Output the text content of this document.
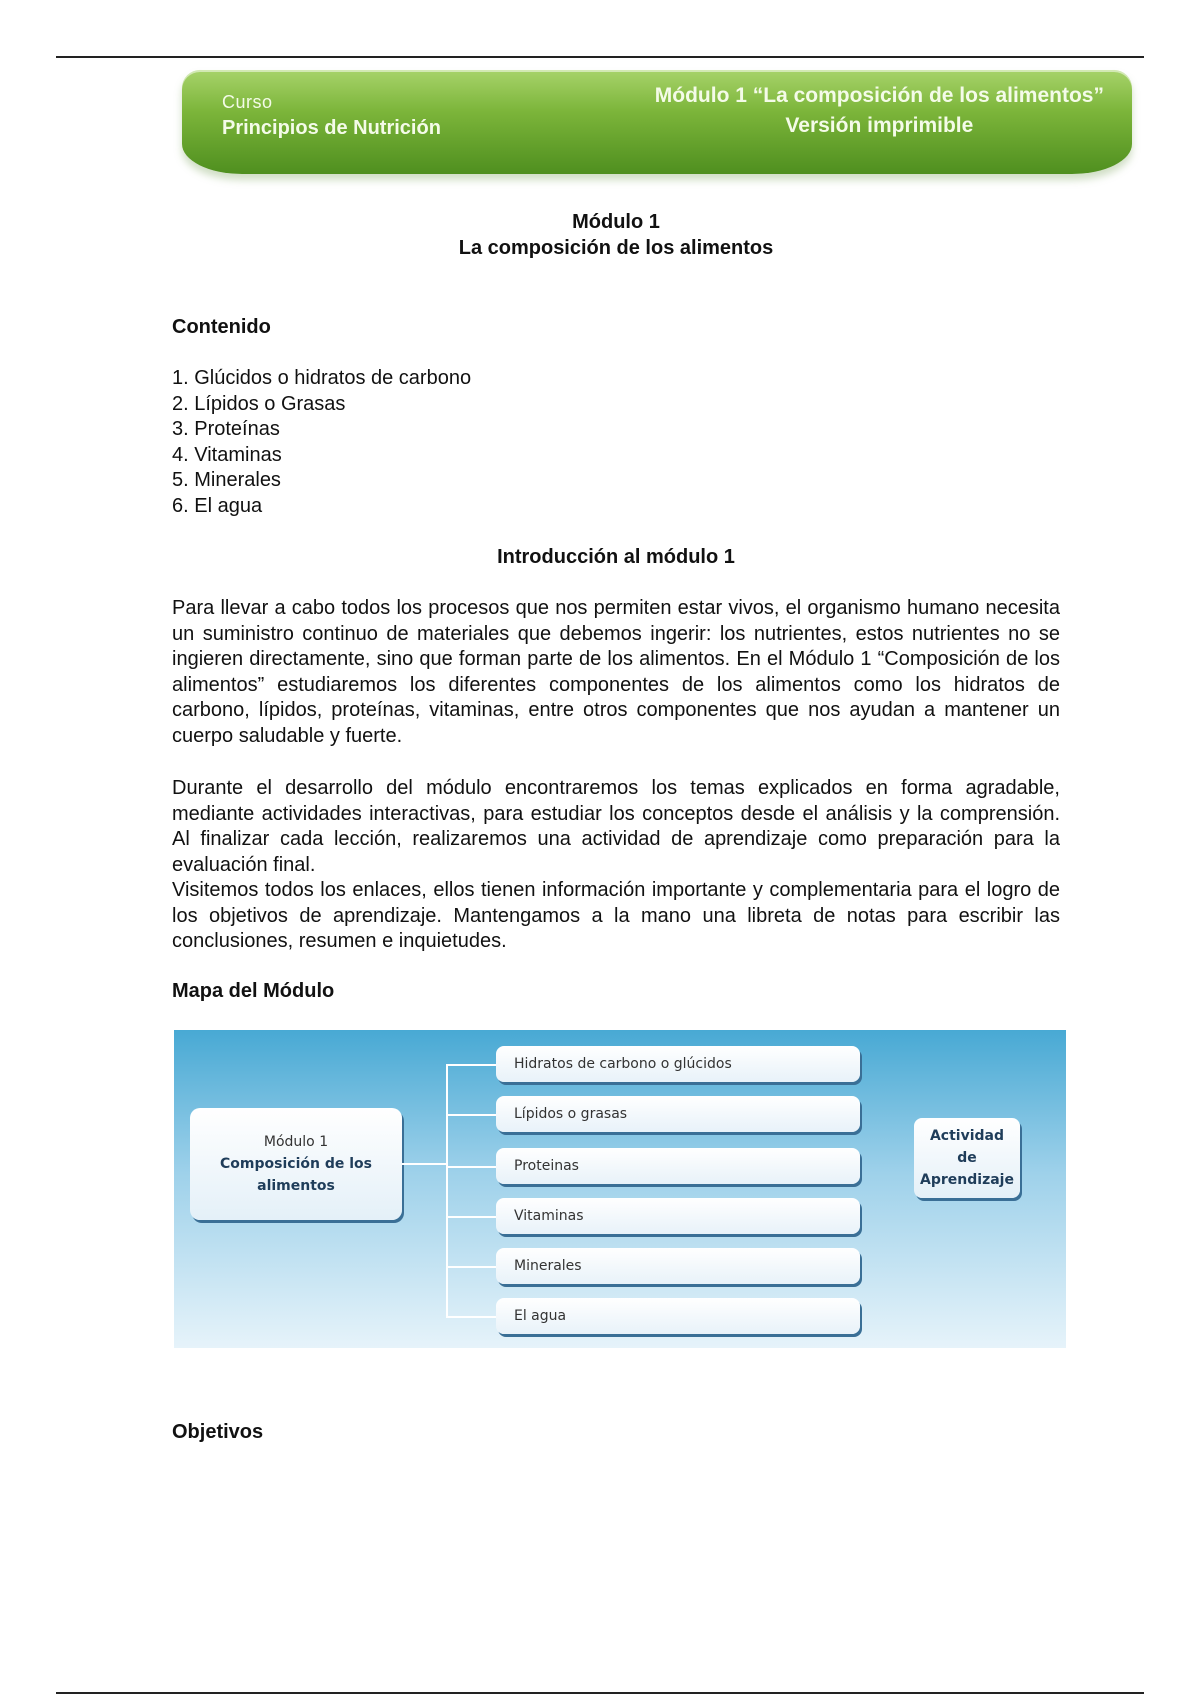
Curso
Principios de Nutrición
Módulo 1 “La composición de los alimentos”
Versión imprimible
Módulo 1
La composición de los alimentos
Contenido
1. Glúcidos o hidratos de carbono
2. Lípidos o Grasas
3. Proteínas
4. Vitaminas
5. Minerales
6. El agua
Introducción al módulo 1
Para llevar a cabo todos los procesos que nos permiten estar vivos, el organismo humano necesita un suministro continuo de materiales que debemos ingerir: los nutrientes, estos nutrientes no se ingieren directamente, sino que forman parte de los alimentos. En el Módulo 1 “Composición de los alimentos” estudiaremos los diferentes componentes de los alimentos como los hidratos de carbono, lípidos, proteínas, vitaminas, entre otros componentes que nos ayudan a mantener un cuerpo saludable y fuerte.
Durante el desarrollo del módulo encontraremos los temas explicados en forma agradable, mediante actividades interactivas, para estudiar los conceptos desde el análisis y la comprensión. Al finalizar cada lección, realizaremos una actividad de aprendizaje como preparación para la evaluación final.
Visitemos todos los enlaces, ellos tienen información importante y complementaria para el logro de los objetivos de aprendizaje. Mantengamos a la mano una libreta de notas para escribir las conclusiones, resumen e inquietudes.
Mapa del Módulo
Módulo 1
Composición de los
alimentos
Hidratos de carbono o glúcidos
Lípidos o grasas
Proteinas
Vitaminas
Minerales
El agua
Actividad
de Aprendizaje
Objetivos
